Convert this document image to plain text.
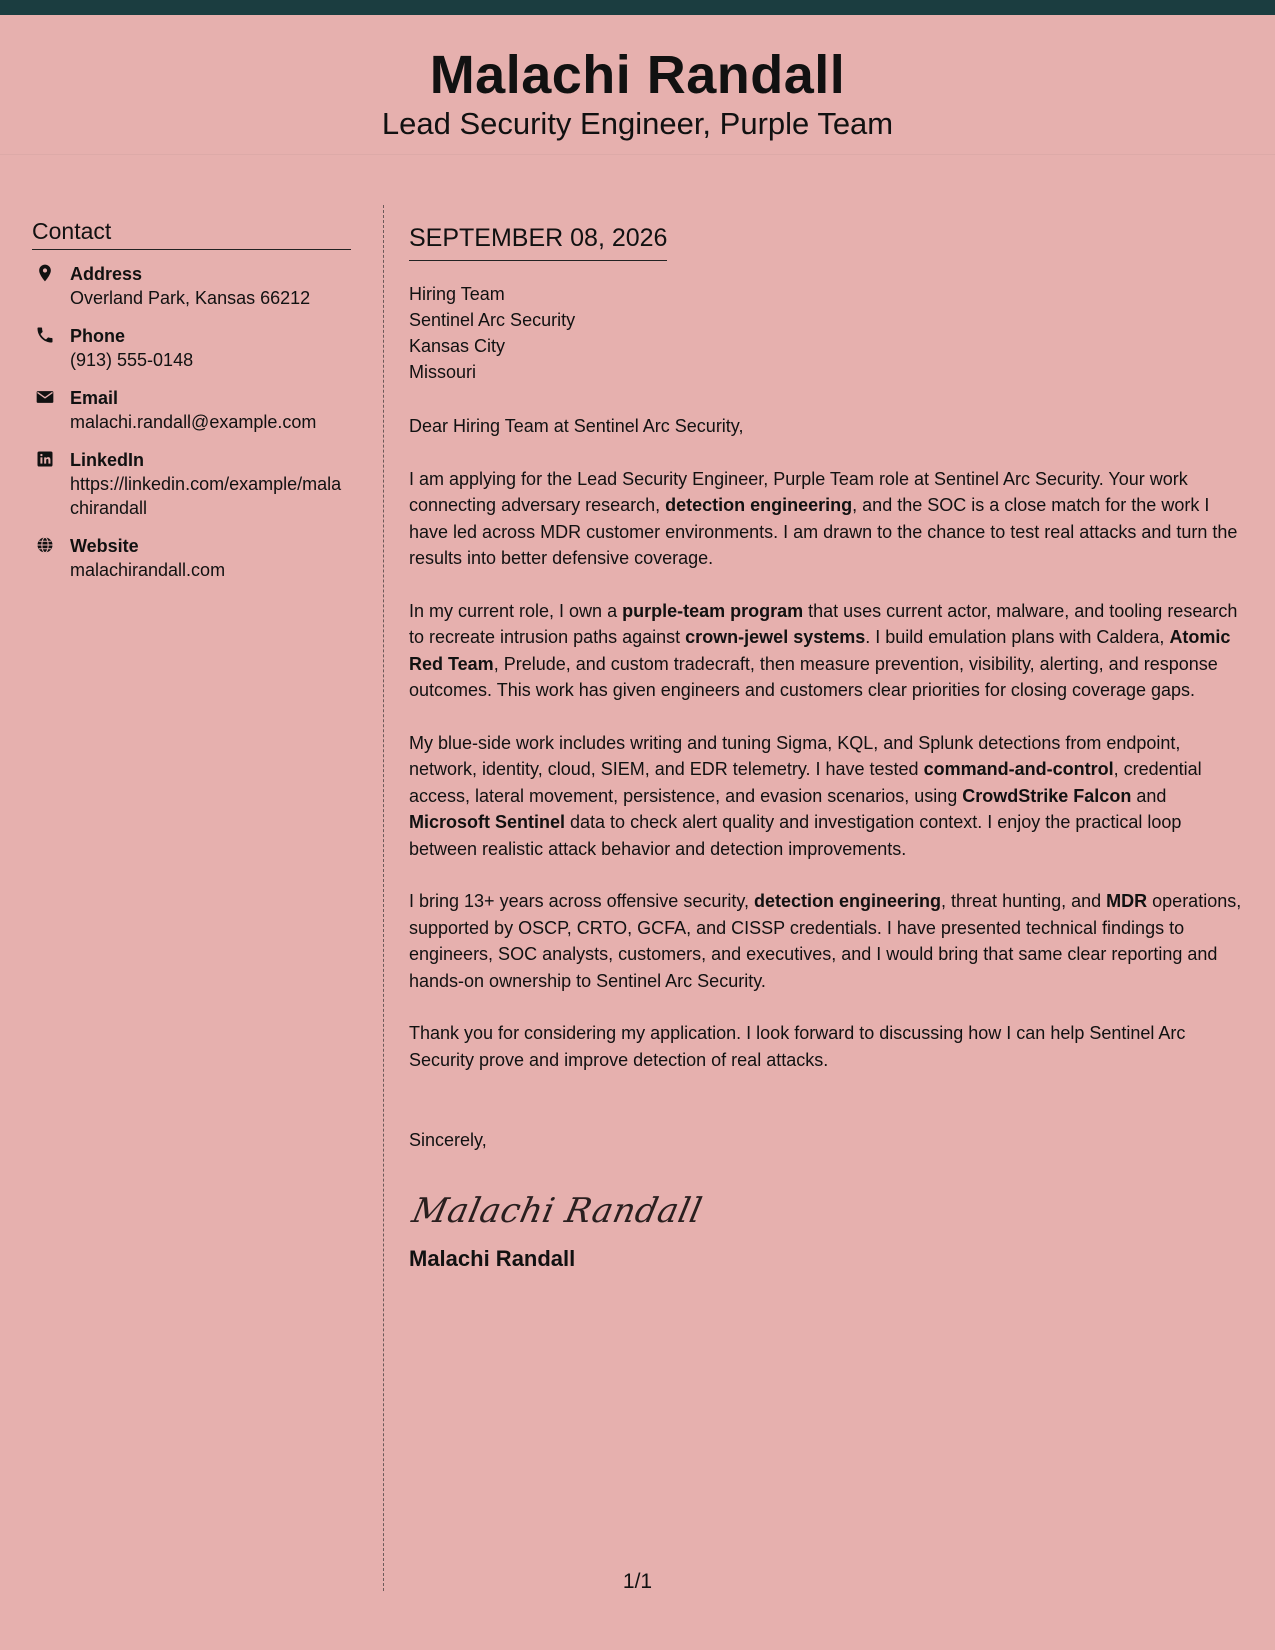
Malachi Randall
Lead Security Engineer, Purple Team
Contact
Address
Overland Park, Kansas 66212
Phone
(913) 555-0148
Email
malachi.randall@example.com
LinkedIn
https://linkedin.com/example/malachirandall
Website
malachirandall.com
SEPTEMBER 08, 2026
Hiring Team
Sentinel Arc Security
Kansas City
Missouri
Dear Hiring Team at Sentinel Arc Security,

I am applying for the Lead Security Engineer, Purple Team role at Sentinel Arc Security. Your work connecting adversary research, detection engineering, and the SOC is a close match for the work I have led across MDR customer environments. I am drawn to the chance to test real attacks and turn the results into better defensive coverage.

In my current role, I own a purple-team program that uses current actor, malware, and tooling research to recreate intrusion paths against crown-jewel systems. I build emulation plans with Caldera, Atomic Red Team, Prelude, and custom tradecraft, then measure prevention, visibility, alerting, and response outcomes. This work has given engineers and customers clear priorities for closing coverage gaps.

My blue-side work includes writing and tuning Sigma, KQL, and Splunk detections from endpoint, network, identity, cloud, SIEM, and EDR telemetry. I have tested command-and-control, credential access, lateral movement, persistence, and evasion scenarios, using CrowdStrike Falcon and Microsoft Sentinel data to check alert quality and investigation context. I enjoy the practical loop between realistic attack behavior and detection improvements.

I bring 13+ years across offensive security, detection engineering, threat hunting, and MDR operations, supported by OSCP, CRTO, GCFA, and CISSP credentials. I have presented technical findings to engineers, SOC analysts, customers, and executives, and I would bring that same clear reporting and hands-on ownership to Sentinel Arc Security.

Thank you for considering my application. I look forward to discussing how I can help Sentinel Arc Security prove and improve detection of real attacks.

Sincerely,
Malachi Randall
Malachi Randall
1/1
